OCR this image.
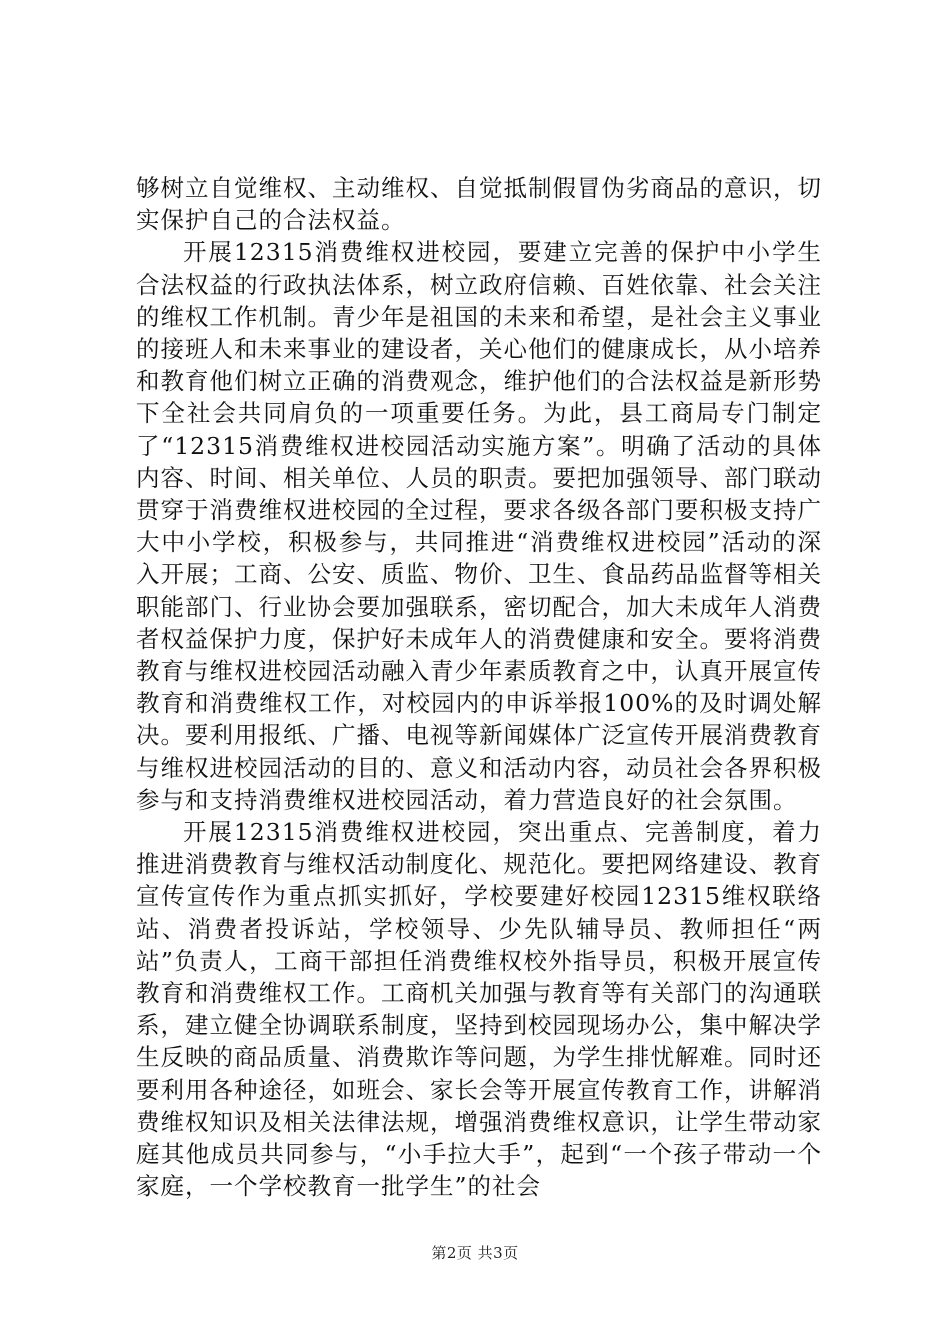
够树立自觉维权、主动维权、自觉抵制假冒伪劣商品的意识，切实保护自己的合法权益。

开展12315消费维权进校园，要建立完善的保护中小学生合法权益的行政执法体系，树立政府信赖、百姓依靠、社会关注的维权工作机制。青少年是祖国的未来和希望，是社会主义事业的接班人和未来事业的建设者，关心他们的健康成长，从小培养和教育他们树立正确的消费观念，维护他们的合法权益是新形势下全社会共同肩负的一项重要任务。为此，县工商局专门制定了“12315消费维权进校园活动实施方案”。明确了活动的具体内容、时间、相关单位、人员的职责。要把加强领导、部门联动贯穿于消费维权进校园的全过程，要求各级各部门要积极支持广大中小学校，积极参与，共同推进“消费维权进校园”活动的深入开展；工商、公安、质监、物价、卫生、食品药品监督等相关职能部门、行业协会要加强联系，密切配合，加大未成年人消费者权益保护力度，保护好未成年人的消费健康和安全。要将消费教育与维权进校园活动融入青少年素质教育之中，认真开展宣传教育和消费维权工作，对校园内的申诉举报100%的及时调处解决。要利用报纸、广播、电视等新闻媒体广泛宣传开展消费教育与维权进校园活动的目的、意义和活动内容，动员社会各界积极参与和支持消费维权进校园活动，着力营造良好的社会氛围。

开展12315消费维权进校园，突出重点、完善制度，着力推进消费教育与维权活动制度化、规范化。要把网络建设、教育宣传宣传作为重点抓实抓好，学校要建好校园12315维权联络站、消费者投诉站，学校领导、少先队辅导员、教师担任“两站”负责人，工商干部担任消费维权校外指导员，积极开展宣传教育和消费维权工作。工商机关加强与教育等有关部门的沟通联系，建立健全协调联系制度，坚持到校园现场办公，集中解决学生反映的商品质量、消费欺诈等问题，为学生排忧解难。同时还要利用各种途径，如班会、家长会等开展宣传教育工作，讲解消费维权知识及相关法律法规，增强消费维权意识，让学生带动家庭其他成员共同参与，“小手拉大手”，起到“一个孩子带动一个家庭，一个学校教育一批学生”的社会

第2页 共3页
